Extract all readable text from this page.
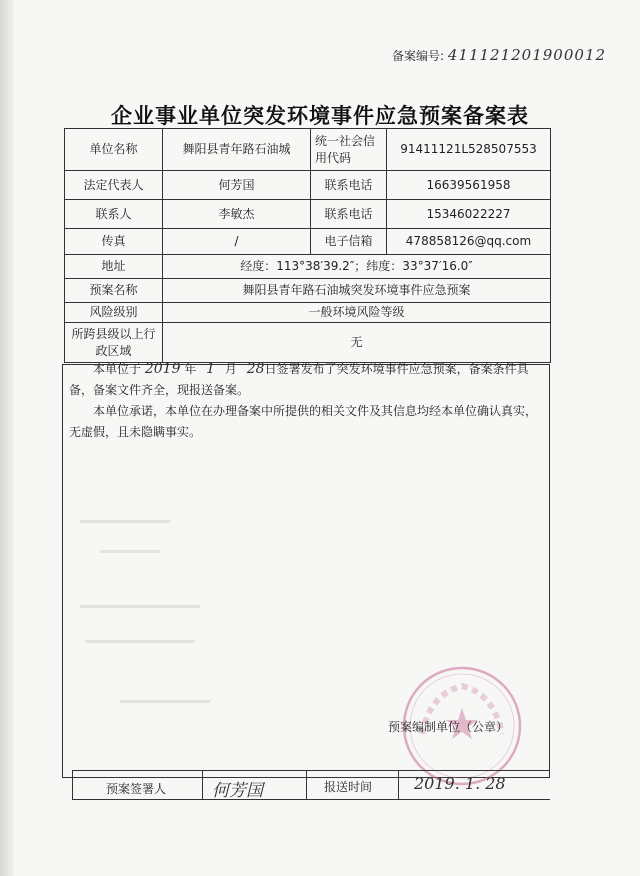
备案编号: 411121201900012
企业事业单位突发环境事件应急预案备案表
单位名称	舞阳县青年路石油城	统一社会信用代码	91411121L528507553
法定代表人	何芳国	联系电话	16639561958
联系人	李敏杰	联系电话	15346022227
传真	/	电子信箱	478858126@qq.com
地址	经度：113°38′39.2″；纬度：33°37′16.0″		
预案名称	舞阳县青年路石油城突发环境事件应急预案		
风险级别	一般环境风险等级		
所跨县级以上行政区域	无		

  本单位于 2019 年  1  月  28日签署发布了突发环境事件应急预案，备案条件具备，备案文件齐全，现报送备案。

  本单位承诺，本单位在办理备案中所提供的相关文件及其信息均经本单位确认真实，无虚假，且未隐瞒事实。

预案编制单位（公章）
预案签署人	何芳国	报送时间	2019. 1. 28
